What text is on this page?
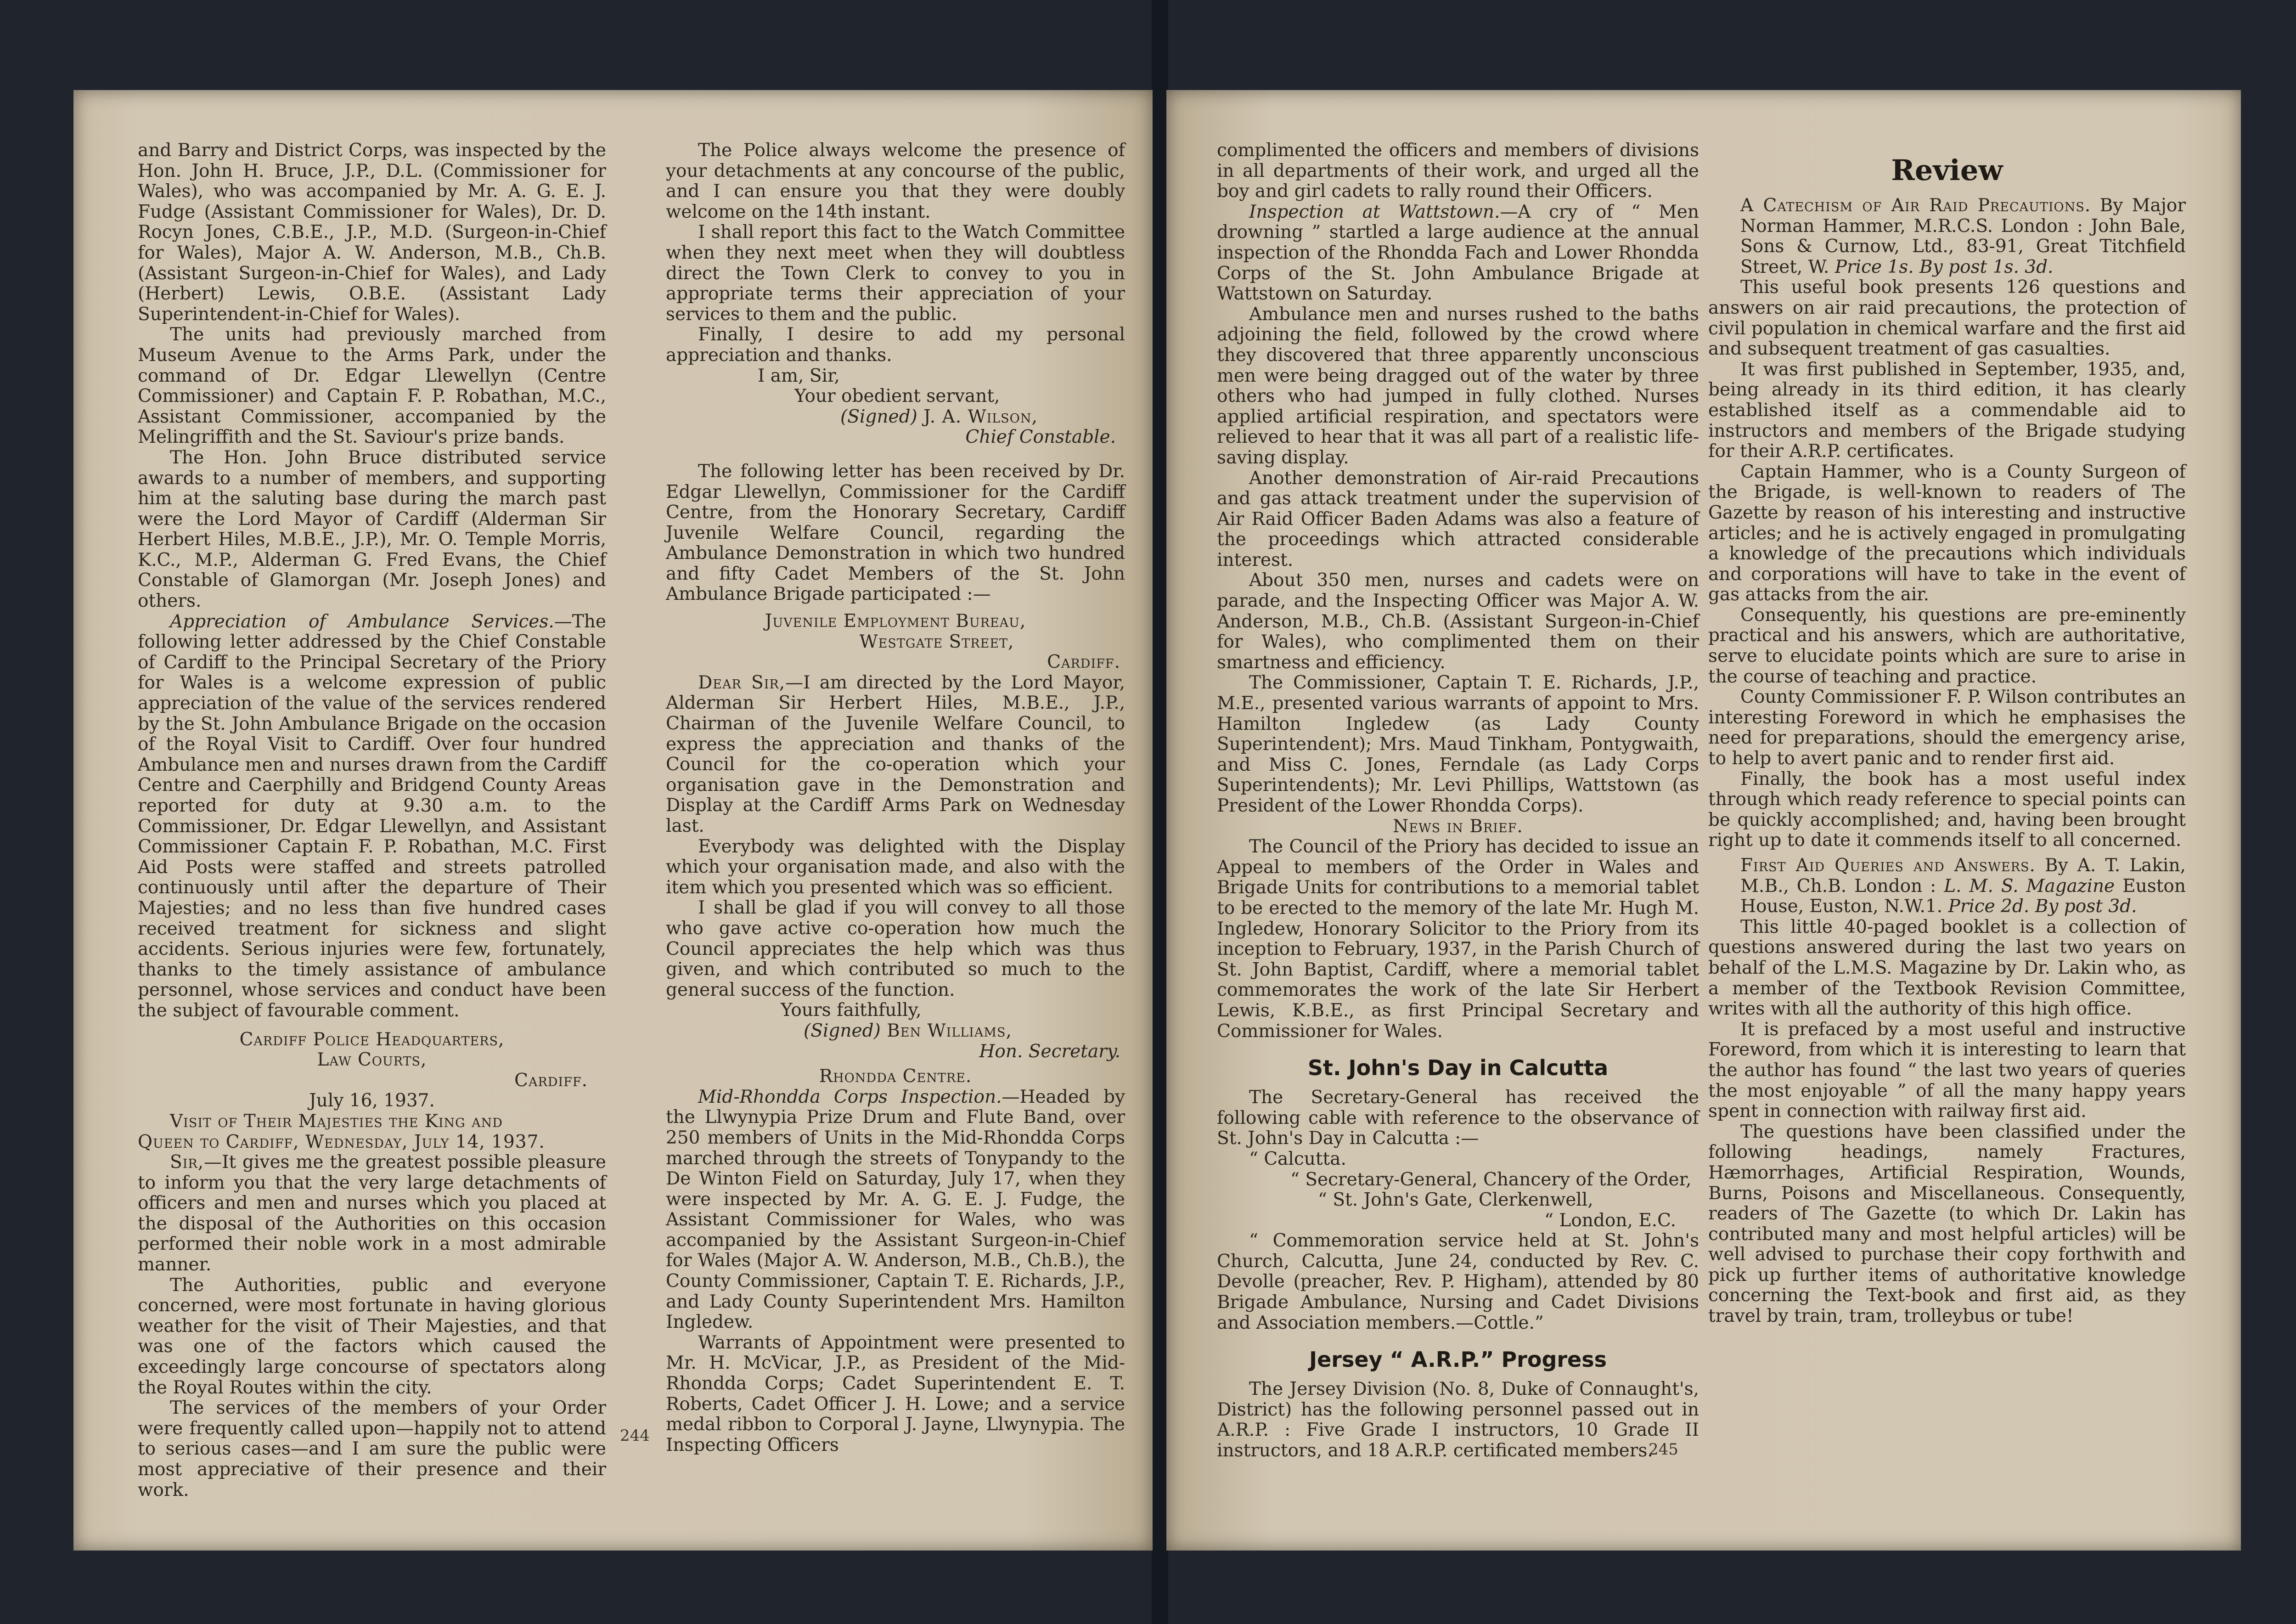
and Barry and District Corps, was inspected by the Hon. John H. Bruce, J.P., D.L. (Commissioner for Wales), who was accompanied by Mr. A. G. E. J. Fudge (Assistant Commissioner for Wales), Dr. D. Rocyn Jones, C.B.E., J.P., M.D. (Surgeon-in-Chief for Wales), Major A. W. Anderson, M.B., Ch.B. (Assistant Surgeon-in-Chief for Wales), and Lady (Herbert) Lewis, O.B.E. (Assistant Lady Superintendent-in-Chief for Wales).

The units had previously marched from Museum Avenue to the Arms Park, under the command of Dr. Edgar Llewellyn (Centre Commissioner) and Captain F. P. Robathan, M.C., Assistant Commissioner, accompanied by the Melingriffith and the St. Saviour's prize bands.

The Hon. John Bruce distributed service awards to a number of members, and supporting him at the saluting base during the march past were the Lord Mayor of Cardiff (Alderman Sir Herbert Hiles, M.B.E., J.P.), Mr. O. Temple Morris, K.C., M.P., Alderman G. Fred Evans, the Chief Constable of Glamorgan (Mr. Joseph Jones) and others.

Appreciation of Ambulance Services.—The following letter addressed by the Chief Constable of Cardiff to the Principal Secretary of the Priory for Wales is a welcome expression of public appreciation of the value of the services rendered by the St. John Ambulance Brigade on the occasion of the Royal Visit to Cardiff. Over four hundred Ambulance men and nurses drawn from the Cardiff Centre and Caerphilly and Bridgend County Areas reported for duty at 9.30 a.m. to the Commissioner, Dr. Edgar Llewellyn, and Assistant Commissioner Captain F. P. Robathan, M.C. First Aid Posts were staffed and streets patrolled continuously until after the departure of Their Majesties; and no less than five hundred cases received treatment for sickness and slight accidents. Serious injuries were few, fortunately, thanks to the timely assistance of ambulance personnel, whose services and conduct have been the subject of favourable comment.

Cardiff Police Headquarters,

Law Courts,

Cardiff.

July 16, 1937.

Visit of Their Majesties the King and

Queen to Cardiff, Wednesday, July 14, 1937.

Sir,—It gives me the greatest possible pleasure to inform you that the very large detachments of officers and men and nurses which you placed at the disposal of the Authorities on this occasion performed their noble work in a most admirable manner.

The Authorities, public and everyone concerned, were most fortunate in having glorious weather for the visit of Their Majesties, and that was one of the factors which caused the exceedingly large concourse of spectators along the Royal Routes within the city.

The services of the members of your Order were frequently called upon—happily not to attend to serious cases—and I am sure the public were most appreciative of their presence and their work.

The Police always welcome the presence of your detachments at any concourse of the public, and I can ensure you that they were doubly welcome on the 14th instant.

I shall report this fact to the Watch Committee when they next meet when they will doubtless direct the Town Clerk to convey to you in appropriate terms their appreciation of your services to them and the public.

Finally, I desire to add my personal appreciation and thanks.

I am, Sir,

Your obedient servant,

(Signed) J. A. Wilson,

Chief Constable.

The following letter has been received by Dr. Edgar Llewellyn, Commissioner for the Cardiff Centre, from the Honorary Secretary, Cardiff Juvenile Welfare Council, regarding the Ambulance Demonstration in which two hundred and fifty Cadet Members of the St. John Ambulance Brigade participated :—

Juvenile Employment Bureau,

Westgate Street,

Cardiff.

Dear Sir,—I am directed by the Lord Mayor, Alderman Sir Herbert Hiles, M.B.E., J.P., Chairman of the Juvenile Welfare Council, to express the appreciation and thanks of the Council for the co-operation which your organisation gave in the Demonstration and Display at the Cardiff Arms Park on Wednesday last.

Everybody was delighted with the Display which your organisation made, and also with the item which you presented which was so efficient.

I shall be glad if you will convey to all those who gave active co-operation how much the Council appreciates the help which was thus given, and which contributed so much to the general success of the function.

Yours faithfully,

(Signed) Ben Williams,

Hon. Secretary.

Rhondda Centre.

Mid-Rhondda Corps Inspection.—Headed by the Llwynypia Prize Drum and Flute Band, over 250 members of Units in the Mid-Rhondda Corps marched through the streets of Tonypandy to the De Winton Field on Saturday, July 17, when they were inspected by Mr. A. G. E. J. Fudge, the Assistant Commissioner for Wales, who was accompanied by the Assistant Surgeon-in-Chief for Wales (Major A. W. Anderson, M.B., Ch.B.), the County Commissioner, Captain T. E. Richards, J.P., and Lady County Superintendent Mrs. Hamilton Ingledew.

Warrants of Appointment were presented to Mr. H. McVicar, J.P., as President of the Mid-Rhondda Corps; Cadet Superintendent E. T. Roberts, Cadet Officer J. H. Lowe; and a service medal ribbon to Corporal J. Jayne, Llwynypia. The Inspecting Officers

244

complimented the officers and members of divisions in all departments of their work, and urged all the boy and girl cadets to rally round their Officers.

Inspection at Wattstown.—A cry of “ Men drowning ” startled a large audience at the annual inspection of the Rhondda Fach and Lower Rhondda Corps of the St. John Ambulance Brigade at Wattstown on Saturday.

Ambulance men and nurses rushed to the baths adjoining the field, followed by the crowd where they discovered that three apparently unconscious men were being dragged out of the water by three others who had jumped in fully clothed. Nurses applied artificial respiration, and spectators were relieved to hear that it was all part of a realistic life-saving display.

Another demonstration of Air-raid Precautions and gas attack treatment under the supervision of Air Raid Officer Baden Adams was also a feature of the proceedings which attracted considerable interest.

About 350 men, nurses and cadets were on parade, and the Inspecting Officer was Major A. W. Anderson, M.B., Ch.B. (Assistant Surgeon-in-Chief for Wales), who complimented them on their smartness and efficiency.

The Commissioner, Captain T. E. Richards, J.P., M.E., presented various warrants of appoint to Mrs. Hamilton Ingledew (as Lady County Superintendent); Mrs. Maud Tinkham, Pontygwaith, and Miss C. Jones, Ferndale (as Lady Corps Superintendents); Mr. Levi Phillips, Wattstown (as President of the Lower Rhondda Corps).

News in Brief.

The Council of the Priory has decided to issue an Appeal to members of the Order in Wales and Brigade Units for contributions to a memorial tablet to be erected to the memory of the late Mr. Hugh M. Ingledew, Honorary Solicitor to the Priory from its inception to February, 1937, in the Parish Church of St. John Baptist, Cardiff, where a memorial tablet commemorates the work of the late Sir Herbert Lewis, K.B.E., as first Principal Secretary and Commissioner for Wales.

St. John's Day in Calcutta

The Secretary-General has received the following cable with reference to the observance of St. John's Day in Calcutta :—

“ Calcutta.

“ Secretary-General, Chancery of the Order,

“ St. John's Gate, Clerkenwell,

“ London, E.C.

“ Commemoration service held at St. John's Church, Calcutta, June 24, conducted by Rev. C. Devolle (preacher, Rev. P. Higham), attended by 80 Brigade Ambulance, Nursing and Cadet Divisions and Association members.—Cottle.”

Jersey “ A.R.P.” Progress

The Jersey Division (No. 8, Duke of Connaught's, District) has the following personnel passed out in A.R.P. : Five Grade I instructors, 10 Grade II instructors, and 18 A.R.P. certificated members.

Review

A Catechism of Air Raid Precautions. By Major Norman Hammer, M.R.C.S. London : John Bale, Sons & Curnow, Ltd., 83-91, Great Titchfield Street, W. Price 1s. By post 1s. 3d.

This useful book presents 126 questions and answers on air raid precautions, the protection of civil population in chemical warfare and the first aid and subsequent treatment of gas casualties.

It was first published in September, 1935, and, being already in its third edition, it has clearly established itself as a commendable aid to instructors and members of the Brigade studying for their A.R.P. certificates.

Captain Hammer, who is a County Surgeon of the Brigade, is well-known to readers of The Gazette by reason of his interesting and instructive articles; and he is actively engaged in promulgating a knowledge of the precautions which individuals and corporations will have to take in the event of gas attacks from the air.

Consequently, his questions are pre-eminently practical and his answers, which are authoritative, serve to elucidate points which are sure to arise in the course of teaching and practice.

County Commissioner F. P. Wilson contributes an interesting Foreword in which he emphasises the need for preparations, should the emergency arise, to help to avert panic and to render first aid.

Finally, the book has a most useful index through which ready reference to special points can be quickly accomplished; and, having been brought right up to date it commends itself to all concerned.

First Aid Queries and Answers. By A. T. Lakin, M.B., Ch.B. London : L. M. S. Magazine Euston House, Euston, N.W.1. Price 2d. By post 3d.

This little 40-paged booklet is a collection of questions answered during the last two years on behalf of the L.M.S. Magazine by Dr. Lakin who, as a member of the Textbook Revision Committee, writes with all the authority of this high office.

It is prefaced by a most useful and instructive Foreword, from which it is interesting to learn that the author has found “ the last two years of queries the most enjoyable ” of all the many happy years spent in connection with railway first aid.

The questions have been classified under the following headings, namely Fractures, Hæmorrhages, Artificial Respiration, Wounds, Burns, Poisons and Miscellaneous. Consequently, readers of The Gazette (to which Dr. Lakin has contributed many and most helpful articles) will be well advised to purchase their copy forthwith and pick up further items of authoritative knowledge concerning the Text-book and first aid, as they travel by train, tram, trolleybus or tube!

245
